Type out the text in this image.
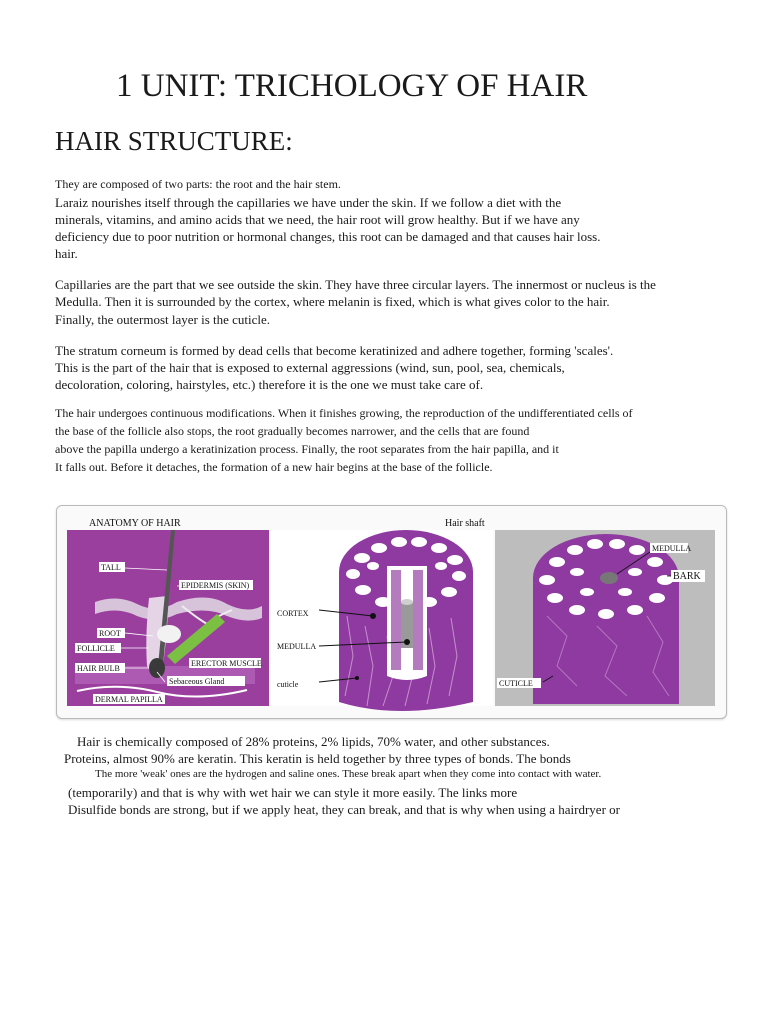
1 UNIT: TRICHOLOGY OF HAIR
HAIR STRUCTURE:
They are composed of two parts: the root and the hair stem.
Laraiz nourishes itself through the capillaries we have under the skin. If we follow a diet with the
minerals, vitamins, and amino acids that we need, the hair root will grow healthy. But if we have any
deficiency due to poor nutrition or hormonal changes, this root can be damaged and that causes hair loss.
hair.
Capillaries are the part that we see outside the skin. They have three circular layers. The innermost or nucleus is the
Medulla. Then it is surrounded by the cortex, where melanin is fixed, which is what gives color to the hair.
Finally, the outermost layer is the cuticle.
The stratum corneum is formed by dead cells that become keratinized and adhere together, forming 'scales'.
This is the part of the hair that is exposed to external aggressions (wind, sun, pool, sea, chemicals,
decoloration, coloring, hairstyles, etc.) therefore it is the one we must take care of.
The hair undergoes continuous modifications. When it finishes growing, the reproduction of the undifferentiated cells of
the base of the follicle also stops, the root gradually becomes narrower, and the cells that are found
above the papilla undergo a keratinization process. Finally, the root separates from the hair papilla, and it
It falls out. Before it detaches, the formation of a new hair begins at the base of the follicle.
ANATOMY OF HAIR	Hair shaft
TALL
EPIDERMIS (SKIN)
ROOT
FOLLICLE
ERECTOR MUSCLE
HAIR BULB
Sebaceous Gland
DERMAL PAPILLA
CORTEX
MEDULLA
cuticle
MEDULLA
BARK
CUTICLE
Hair is chemically composed of 28% proteins, 2% lipids, 70% water, and other substances.
Proteins, almost 90% are keratin. This keratin is held together by three types of bonds. The bonds
The more 'weak' ones are the hydrogen and saline ones. These break apart when they come into contact with water.
(temporarily) and that is why with wet hair we can style it more easily. The links more
Disulfide bonds are strong, but if we apply heat, they can break, and that is why when using a hairdryer or
